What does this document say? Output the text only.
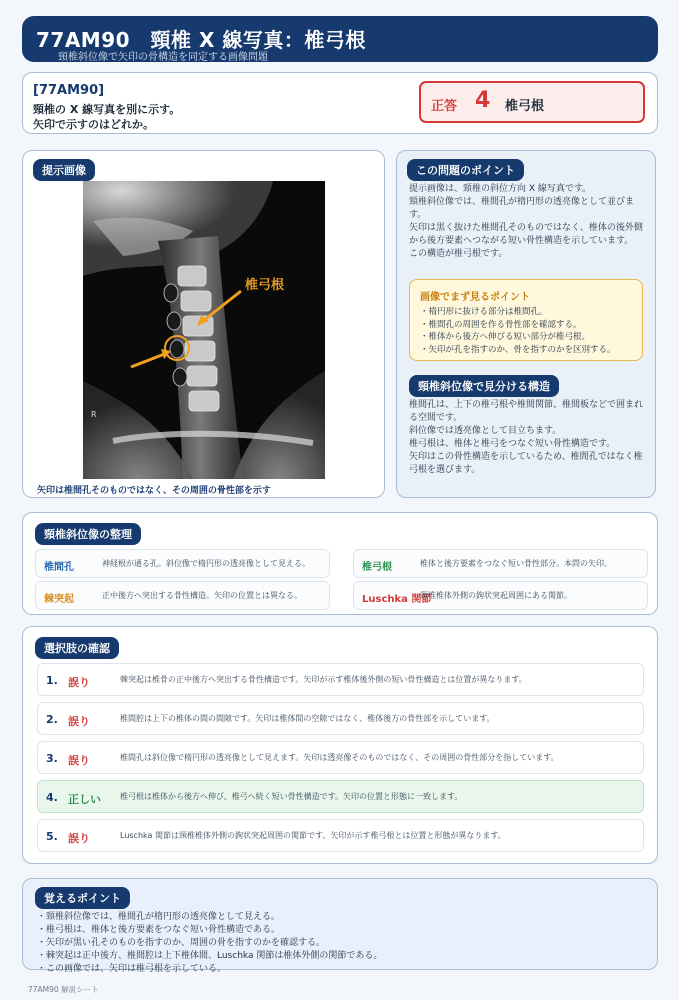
77AM90　頸椎 X 線写真：椎弓根
頸椎斜位像で矢印の骨構造を同定する画像問題
[77AM90]
頸椎の X 線写真を別に示す。
矢印で示すのはどれか。
正答 4 椎弓根
提示画像
椎弓根
R
矢印は椎間孔そのものではなく、その周囲の骨性部を示す
この問題のポイント
提示画像は、頸椎の斜位方向 X 線写真です。
頸椎斜位像では、椎間孔が楕円形の透亮像として並びます。
矢印は黒く抜けた椎間孔そのものではなく、椎体の後外側から後方要素へつながる短い骨性構造を示しています。
この構造が椎弓根です。
画像でまず見るポイント
・楕円形に抜ける部分は椎間孔。
・椎間孔の周囲を作る骨性部を確認する。
・椎体から後方へ伸びる短い部分が椎弓根。
・矢印が孔を指すのか、骨を指すのかを区別する。
頸椎斜位像で見分ける構造
椎間孔は、上下の椎弓根や椎間関節、椎間板などで囲まれる空間です。
斜位像では透亮像として目立ちます。
椎弓根は、椎体と椎弓をつなぐ短い骨性構造です。
矢印はこの骨性構造を示しているため、椎間孔ではなく椎弓根を選びます。
頸椎斜位像の整理
椎間孔	神経根が通る孔。斜位像で楕円形の透亮像として見える。	椎弓根	椎体と後方要素をつなぐ短い骨性部分。本問の矢印。
棘突起	正中後方へ突出する骨性構造。矢印の位置とは異なる。	Luschka 関節
頸椎椎体外側の鉤状突起周囲にある関節。
選択肢の確認
1. 誤り	棘突起は椎骨の正中後方へ突出する骨性構造です。矢印が示す椎体後外側の短い骨性構造とは位置が異なります。
2. 誤り	椎間腔は上下の椎体の間の間隙です。矢印は椎体間の空隙ではなく、椎体後方の骨性部を示しています。
3. 誤り	椎間孔は斜位像で楕円形の透亮像として見えます。矢印は透亮像そのものではなく、その周囲の骨性部分を指しています。
4. 正しい 椎弓根は椎体から後方へ伸び、椎弓へ続く短い骨性構造です。矢印の位置と形態に一致します。
5. 誤り	Luschka 関節は頸椎椎体外側の鉤状突起周囲の関節です。矢印が示す椎弓根とは位置と形態が異なります。
覚えるポイント
・頸椎斜位像では、椎間孔が楕円形の透亮像として見える。
・椎弓根は、椎体と後方要素をつなぐ短い骨性構造である。
・矢印が黒い孔そのものを指すのか、周囲の骨を指すのかを確認する。
・棘突起は正中後方、椎間腔は上下椎体間、Luschka 関節は椎体外側の関節である。
・この画像では、矢印は椎弓根を示している。
77AM90 解説シート
